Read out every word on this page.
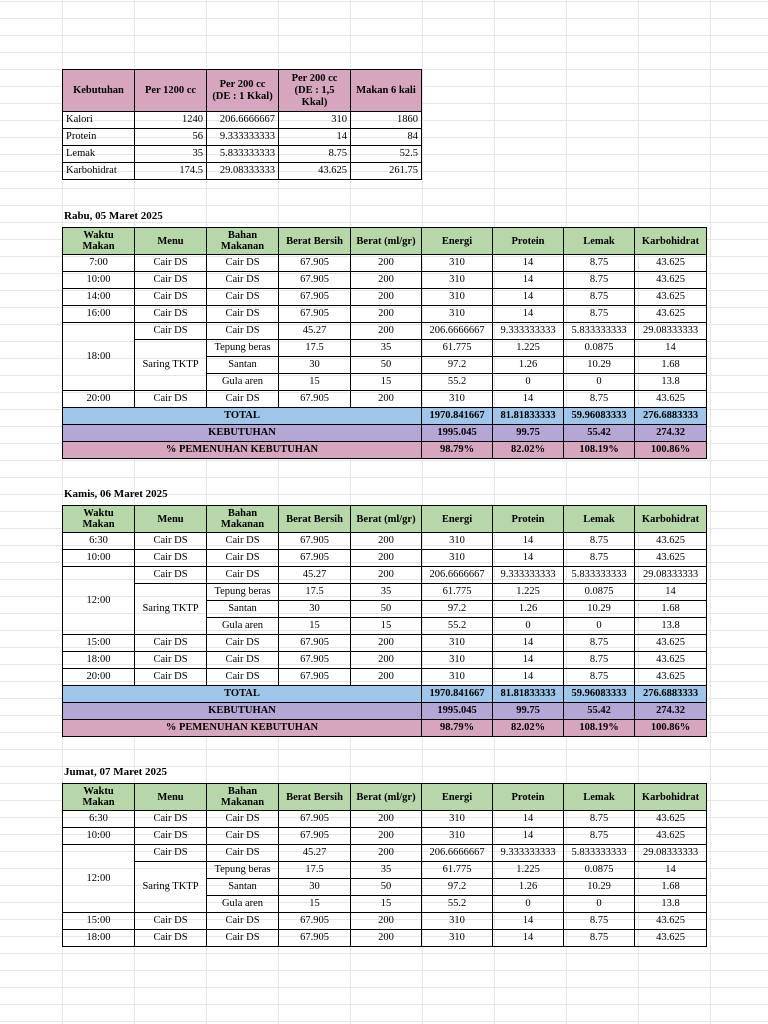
Kebutuhan	Per 1200 cc	Per 200 cc (DE : 1 Kkal)	Per 200 cc (DE : 1,5 Kkal)	Makan 6 kali
Kalori	1240	206.6666667	310	1860
Protein	56	9.333333333	14	84
Lemak	35	5.833333333	8.75	52.5
Karbohidrat	174.5	29.08333333	43.625	261.75
Rabu, 05 Maret 2025
Waktu Makan	Menu	Bahan Makanan	Berat Bersih	Berat (ml/gr)	Energi	Protein	Lemak	Karbohidrat
7:00	Cair DS	Cair DS	67.905	200	310	14	8.75	43.625
10:00	Cair DS	Cair DS	67.905	200	310	14	8.75	43.625
14:00	Cair DS	Cair DS	67.905	200	310	14	8.75	43.625
16:00	Cair DS	Cair DS	67.905	200	310	14	8.75	43.625
18:00	Cair DS	Cair DS	45.27	200	206.6666667	9.333333333	5.833333333	29.08333333
	Saring TKTP	Tepung beras	17.5	35	61.775	1.225	0.0875	14
		Santan	30	50	97.2	1.26	10.29	1.68
		Gula aren	15	15	55.2	0	0	13.8
20:00	Cair DS	Cair DS	67.905	200	310	14	8.75	43.625
TOTAL					1970.841667	81.81833333	59.96083333	276.6883333
KEBUTUHAN					1995.045	99.75	55.42	274.32
% PEMENUHAN KEBUTUHAN					98.79%	82.02%	108.19%	100.86%
Kamis, 06 Maret 2025
Waktu Makan	Menu	Bahan Makanan	Berat Bersih	Berat (ml/gr)	Energi	Protein	Lemak	Karbohidrat
6:30	Cair DS	Cair DS	67.905	200	310	14	8.75	43.625
10:00	Cair DS	Cair DS	67.905	200	310	14	8.75	43.625
12:00	Cair DS	Cair DS	45.27	200	206.6666667	9.333333333	5.833333333	29.08333333
	Saring TKTP	Tepung beras	17.5	35	61.775	1.225	0.0875	14
		Santan	30	50	97.2	1.26	10.29	1.68
		Gula aren	15	15	55.2	0	0	13.8
15:00	Cair DS	Cair DS	67.905	200	310	14	8.75	43.625
18:00	Cair DS	Cair DS	67.905	200	310	14	8.75	43.625
20:00	Cair DS	Cair DS	67.905	200	310	14	8.75	43.625
TOTAL					1970.841667	81.81833333	59.96083333	276.6883333
KEBUTUHAN					1995.045	99.75	55.42	274.32
% PEMENUHAN KEBUTUHAN					98.79%	82.02%	108.19%	100.86%
Jumat, 07 Maret 2025
Waktu Makan	Menu	Bahan Makanan	Berat Bersih	Berat (ml/gr)	Energi	Protein	Lemak	Karbohidrat
6:30	Cair DS	Cair DS	67.905	200	310	14	8.75	43.625
10:00	Cair DS	Cair DS	67.905	200	310	14	8.75	43.625
12:00	Cair DS	Cair DS	45.27	200	206.6666667	9.333333333	5.833333333	29.08333333
	Saring TKTP	Tepung beras	17.5	35	61.775	1.225	0.0875	14
		Santan	30	50	97.2	1.26	10.29	1.68
		Gula aren	15	15	55.2	0	0	13.8
15:00	Cair DS	Cair DS	67.905	200	310	14	8.75	43.625
18:00	Cair DS	Cair DS	67.905	200	310	14	8.75	43.625
